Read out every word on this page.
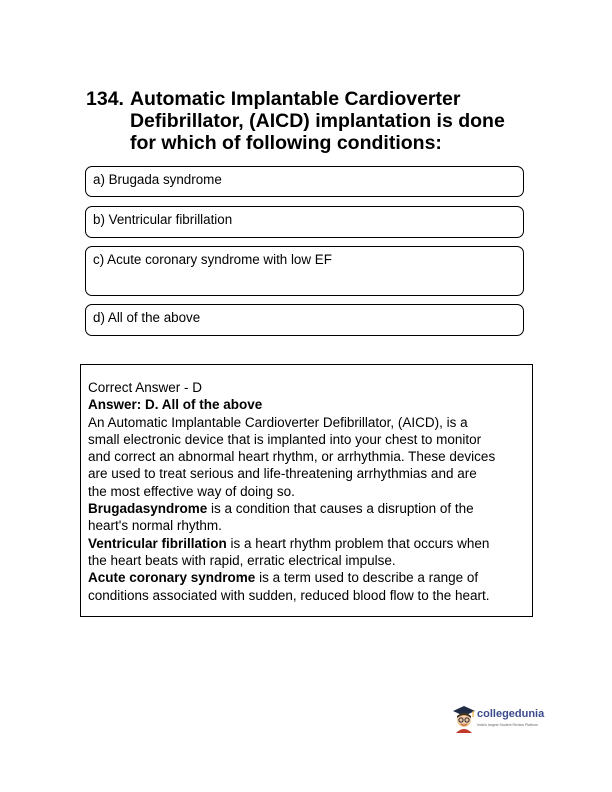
134. Automatic Implantable Cardioverter
Defibrillator, (AICD) implantation is done
for which of following conditions:
a) Brugada syndrome
b) Ventricular fibrillation
c) Acute coronary syndrome with low EF
d) All of the above
Correct Answer - D
Answer: D. All of the above
An Automatic Implantable Cardioverter Defibrillator, (AICD), is a
small electronic device that is implanted into your chest to monitor
and correct an abnormal heart rhythm, or arrhythmia. These devices
are used to treat serious and life-threatening arrhythmias and are
the most effective way of doing so.
Brugadasyndrome is a condition that causes a disruption of the
heart's normal rhythm.
Ventricular fibrillation is a heart rhythm problem that occurs when
the heart beats with rapid, erratic electrical impulse.
Acute coronary syndrome is a term used to describe a range of
conditions associated with sudden, reduced blood flow to the heart.
collegedunia
India's largest Student Review Platform
